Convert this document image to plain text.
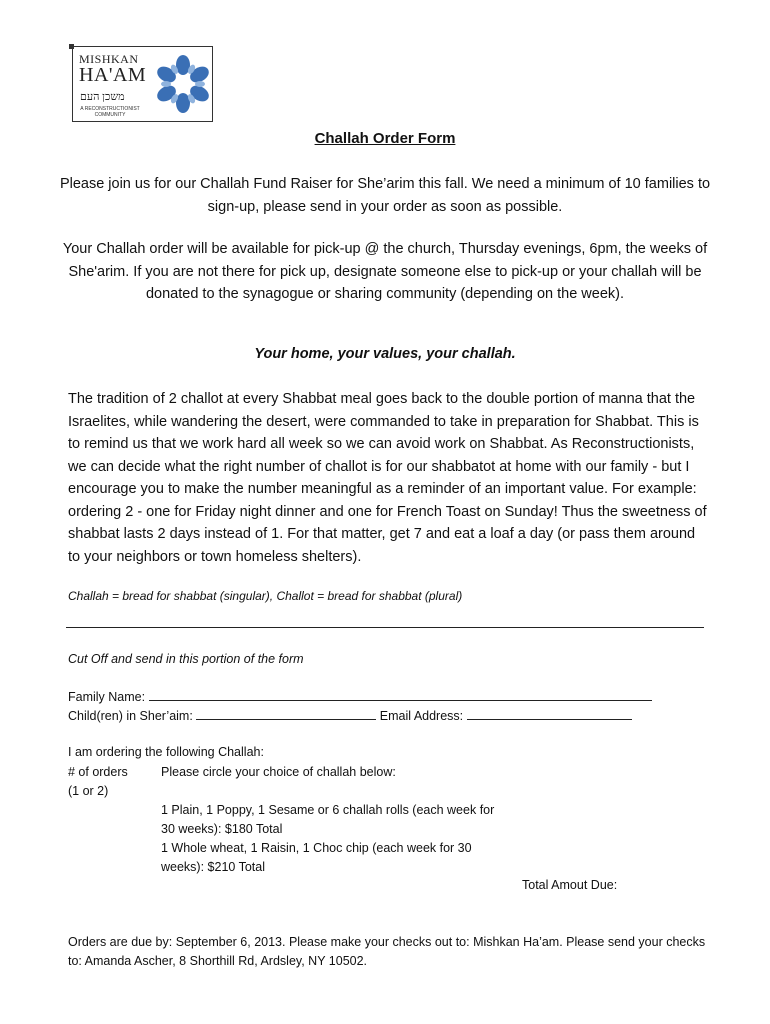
MISHKAN
HA'AM
משכן העם
A RECONSTRUCTIONIST COMMUNITY
Challah Order Form
Please join us for our Challah Fund Raiser for She’arim this fall. We need a minimum of 10 families to sign-up, please send in your order as soon as possible.
Your Challah order will be available for pick-up @ the church, Thursday evenings, 6pm, the weeks of She'arim. If you are not there for pick up, designate someone else to pick-up or your challah will be donated to the synagogue or sharing community (depending on the week).
Your home, your values, your challah.
The tradition of 2 challot at every Shabbat meal goes back to the double portion of manna that the Israelites, while wandering the desert, were commanded to take in preparation for Shabbat. This is to remind us that we work hard all week so we can avoid work on Shabbat. As Reconstructionists, we can decide what the right number of challot is for our shabbatot at home with our family - but I encourage you to make the number meaningful as a reminder of an important value. For example: ordering 2 - one for Friday night dinner and one for French Toast on Sunday! Thus the sweetness of shabbat lasts 2 days instead of 1. For that matter, get 7 and eat a loaf a day (or pass them around to your neighbors or town homeless shelters).
Challah = bread for shabbat (singular), Challot = bread for shabbat (plural)
Cut Off and send in this portion of the form
Family Name:
Child(ren) in Sher’aim:	Email Address:
I am ordering the following Challah:
# of orders	Please circle your choice of challah below:
(1 or 2)
1 Plain, 1 Poppy, 1 Sesame or 6 challah rolls (each week for 30 weeks): $180 Total
1 Whole wheat, 1 Raisin, 1 Choc chip (each week for 30 weeks): $210 Total
Total Amout Due:
Orders are due by: September 6, 2013. Please make your checks out to: Mishkan Ha’am. Please send your checks to: Amanda Ascher, 8 Shorthill Rd, Ardsley, NY 10502.
